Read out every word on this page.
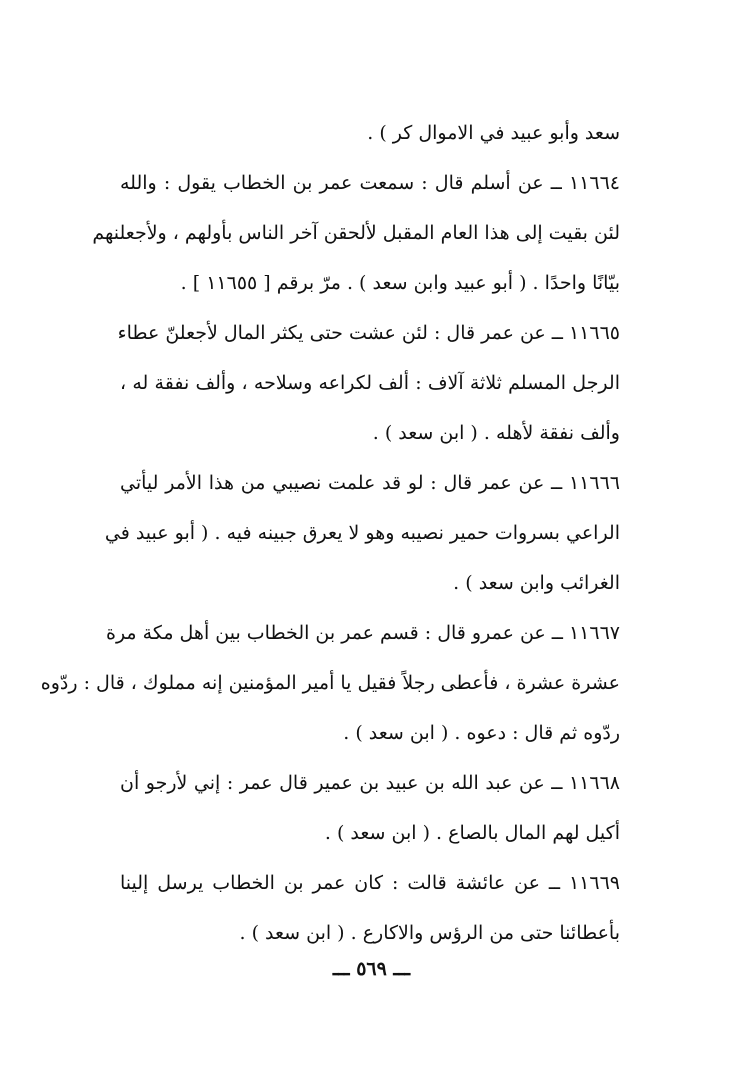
سعد وأبو عبيد في الاموال كر ) .
١١٦٦٤ ــ عن أسلم قال : سمعت عمر بن الخطاب يقول : والله
لئن بقيت إلى هذا العام المقبل لألحقن آخر الناس بأولهم ، ولأجعلنهم
بيّانًا واحدًا . ( أبو عبيد وابن سعد ) . مرّ برقم [ ١١٦٥٥ ] .
١١٦٦٥ ــ عن عمر قال : لئن عشت حتى يكثر المال لأجعلنّ عطاء
الرجل المسلم ثلاثة آلاف : ألف لكراعه وسلاحه ، وألف نفقة له ،
وألف نفقة لأهله . ( ابن سعد ) .
١١٦٦٦ ــ عن عمر قال : لو قد علمت نصيبي من هذا الأمر ليأتي
الراعي بسروات حمير نصيبه وهو لا يعرق جبينه فيه . ( أبو عبيد في
الغرائب وابن سعد ) .
١١٦٦٧ ــ عن عمرو قال : قسم عمر بن الخطاب بين أهل مكة مرة
عشرة عشرة ، فأعطى رجلاً فقيل يا أمير المؤمنين إنه مملوك ، قال : ردّوه
ردّوه ثم قال : دعوه . ( ابن سعد ) .
١١٦٦٨ ــ عن عبد الله بن عبيد بن عمير قال عمر : إني لأرجو أن
أكيل لهم المال بالصاع . ( ابن سعد ) .
١١٦٦٩ ــ عن عائشة قالت : كان عمر بن الخطاب يرسل إلينا
بأعطائنا حتى من الرؤس والاكارع . ( ابن سعد ) .
ـــ ٥٦٩ ـــ
